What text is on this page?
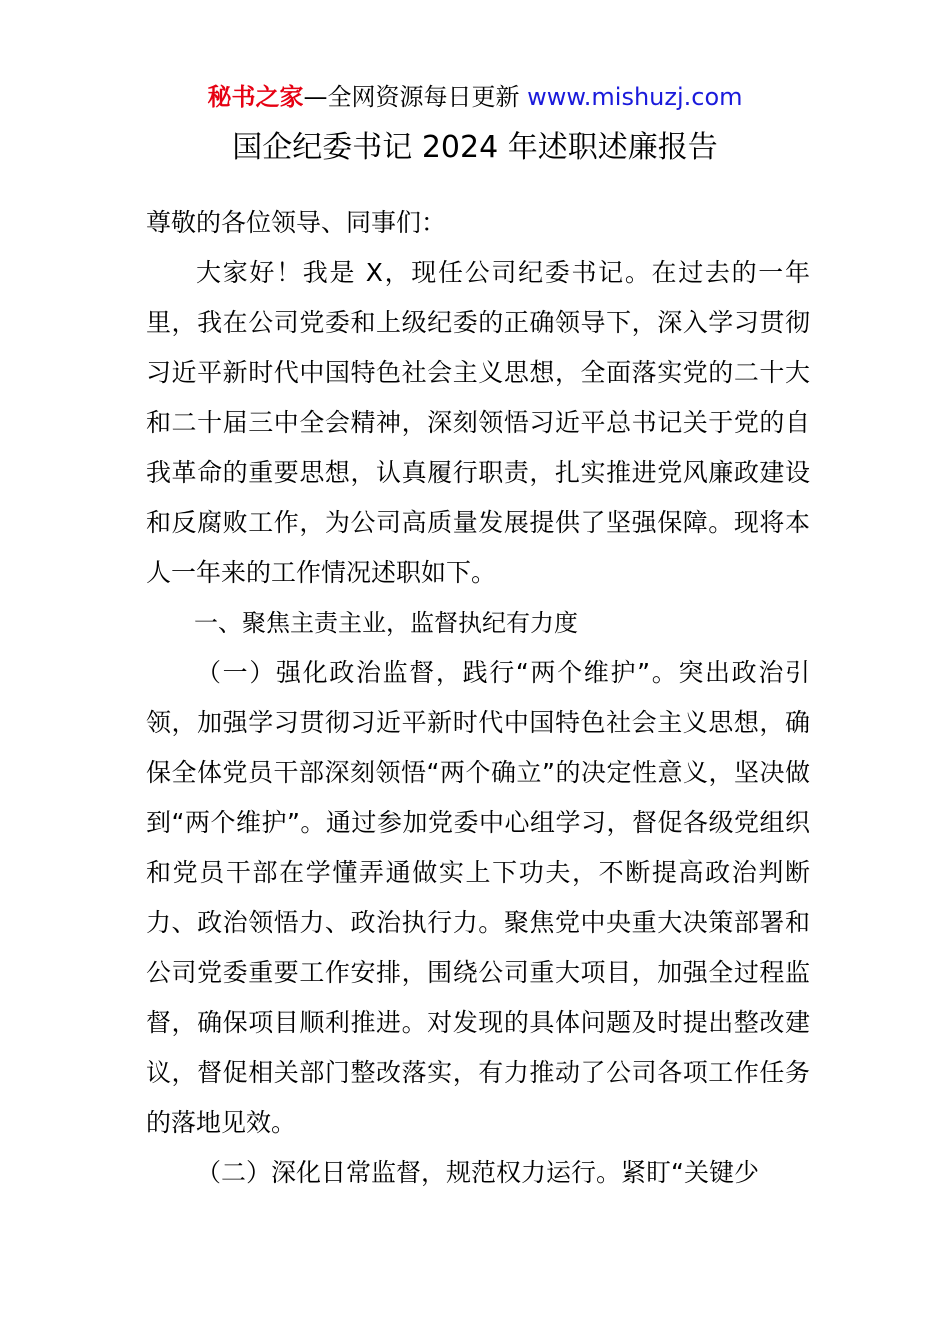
秘书之家—全网资源每日更新 www.mishuzj.com
国企纪委书记 2024 年述职述廉报告

尊敬的各位领导、同事们：

大家好！我是 X，现任公司纪委书记。在过去的一年里，我在公司党委和上级纪委的正确领导下，深入学习贯彻习近平新时代中国特色社会主义思想，全面落实党的二十大和二十届三中全会精神，深刻领悟习近平总书记关于党的自我革命的重要思想，认真履行职责，扎实推进党风廉政建设和反腐败工作，为公司高质量发展提供了坚强保障。现将本人一年来的工作情况述职如下。

一、聚焦主责主业，监督执纪有力度

（一）强化政治监督，践行“两个维护”。突出政治引领，加强学习贯彻习近平新时代中国特色社会主义思想，确保全体党员干部深刻领悟“两个确立”的决定性意义，坚决做到“两个维护”。通过参加党委中心组学习，督促各级党组织和党员干部在学懂弄通做实上下功夫，不断提高政治判断力、政治领悟力、政治执行力。聚焦党中央重大决策部署和公司党委重要工作安排，围绕公司重大项目，加强全过程监督，确保项目顺利推进。对发现的具体问题及时提出整改建议，督促相关部门整改落实，有力推动了公司各项工作任务的落地见效。

（二）深化日常监督，规范权力运行。紧盯“关键少
